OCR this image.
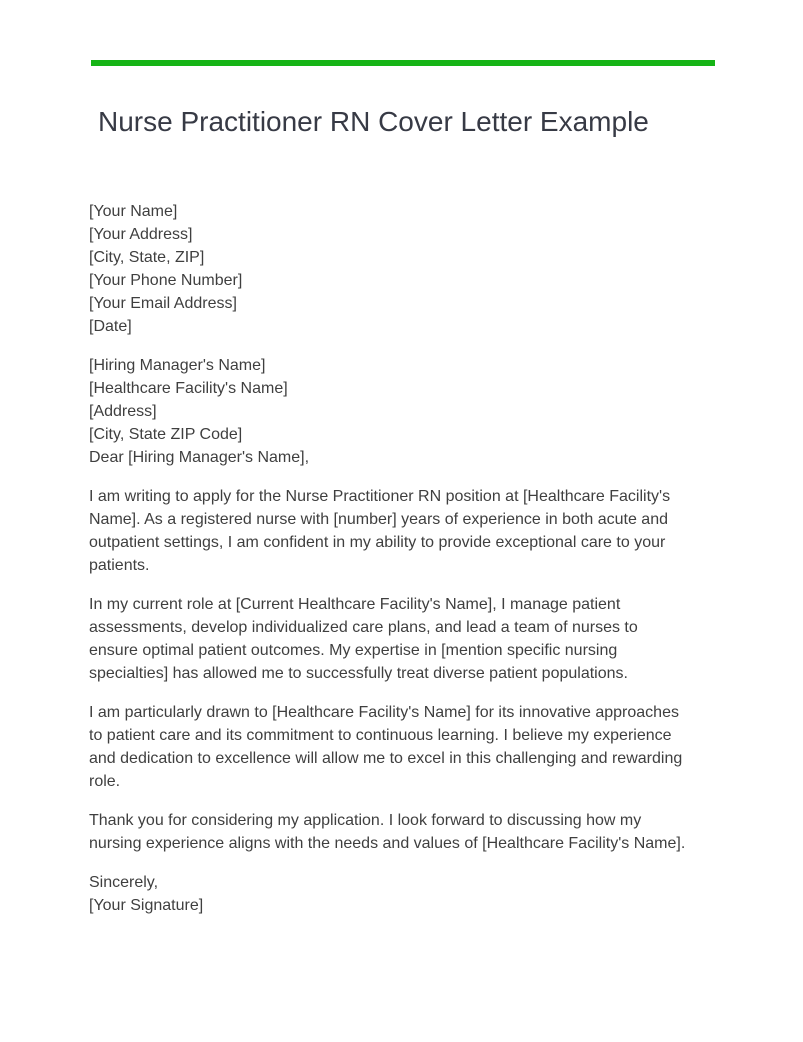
Nurse Practitioner RN Cover Letter Example
[Your Name]
[Your Address]
[City, State, ZIP]
[Your Phone Number]
[Your Email Address]
[Date]
[Hiring Manager's Name]
[Healthcare Facility's Name]
[Address]
[City, State ZIP Code]
Dear [Hiring Manager's Name],

I am writing to apply for the Nurse Practitioner RN position at [Healthcare Facility's Name]. As a registered nurse with [number] years of experience in both acute and outpatient settings, I am confident in my ability to provide exceptional care to your patients.

In my current role at [Current Healthcare Facility's Name], I manage patient assessments, develop individualized care plans, and lead a team of nurses to ensure optimal patient outcomes. My expertise in [mention specific nursing specialties] has allowed me to successfully treat diverse patient populations.

I am particularly drawn to [Healthcare Facility's Name] for its innovative approaches to patient care and its commitment to continuous learning. I believe my experience and dedication to excellence will allow me to excel in this challenging and rewarding role.

Thank you for considering my application. I look forward to discussing how my nursing experience aligns with the needs and values of [Healthcare Facility's Name].

Sincerely,
[Your Signature]
